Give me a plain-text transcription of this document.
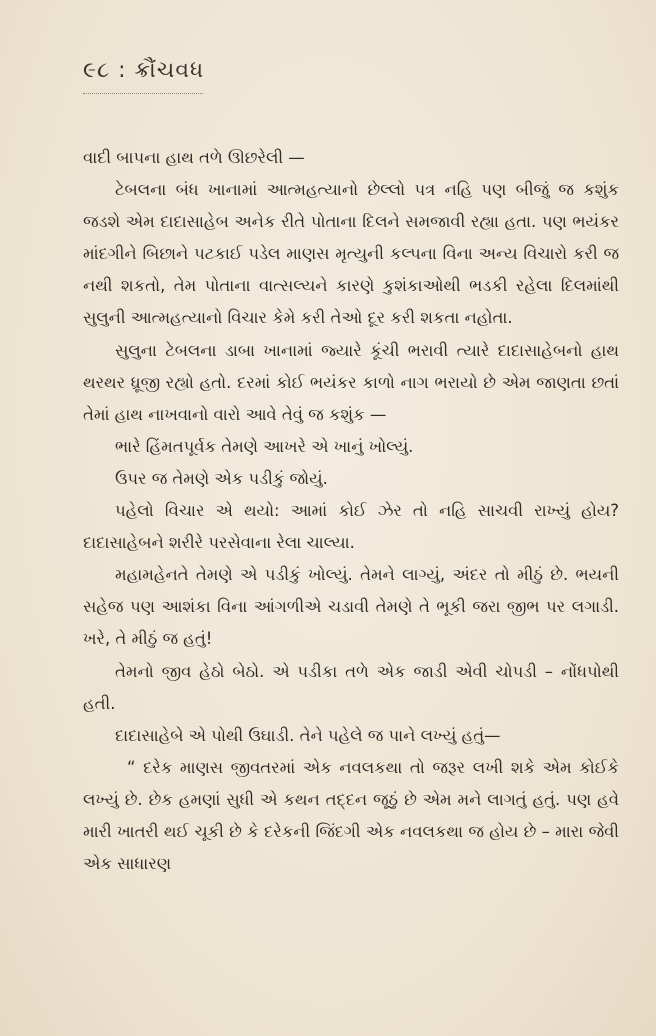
૯૮ : ક્રૌંચવધ

વાદી બાપના હાથ તળે ઊછરેલી —

ટેબલના બંધ ખાનામાં આત્મહત્યાનો છેલ્લો પત્ર નહિ પણ બીજું જ કશુંક જડશે એમ દાદાસાહેબ અનેક રીતે પોતાના દિલને સમજાવી રહ્યા હતા. પણ ભયંકર માંદગીને બિછાને પટકાઈ પડેલ માણસ મૃત્યુની કલ્પના વિના અન્ય વિચારો કરી જ નથી શકતો, તેમ પોતાના વાત્સલ્યને કારણે કુશંકાઓથી ભડકી રહેલા દિલમાંથી સુલુની આત્મહત્યાનો વિચાર કેમે કરી તેઓ દૂર કરી શકતા નહોતા.

સુલુના ટેબલના ડાબા ખાનામાં જ્યારે કૂંચી ભરાવી ત્યારે દાદાસાહેબનો હાથ થરથર ધ્રૂજી રહ્યો હતો. દરમાં કોઈ ભયંકર કાળો નાગ ભરાયો છે એમ જાણતા છતાં તેમાં હાથ નાખવાનો વારો આવે તેવું જ કશુંક —

ભારે હિંમતપૂર્વક તેમણે આખરે એ ખાનું ખોલ્યું.

ઉપર જ તેમણે એક પડીકું જોયું.

પહેલો વિચાર એ થયો: આમાં કોઈ ઝેર તો નહિ સાચવી રાખ્યું હોય? દાદાસાહેબને શરીરે પરસેવાના રેલા ચાલ્યા.

મહામહેનતે તેમણે એ પડીકું ખોલ્યું. તેમને લાગ્યું, અંદર તો મીઠું છે. ભયની સહેજ પણ આશંકા વિના આંગળીએ ચડાવી તેમણે તે ભૂકી જરા જીભ પર લગાડી. ખરે, તે મીઠું જ હતું!

તેમનો જીવ હેઠો બેઠો. એ પડીકા તળે એક જાડી એવી ચોપડી – નોંધપોથી હતી.

દાદાસાહેબે એ પોથી ઉઘાડી. તેને પહેલે જ પાને લખ્યું હતું—

“ દરેક માણસ જીવતરમાં એક નવલકથા તો જરૂર લખી શકે એમ કોઈકે લખ્યું છે. છેક હમણાં સુધી એ કથન તદ્દન જૂઠું છે એમ મને લાગતું હતું. પણ હવે મારી ખાતરી થઈ ચૂકી છે કે દરેકની જિંદગી એક નવલકથા જ હોય છે – મારા જેવી એક સાધારણ
